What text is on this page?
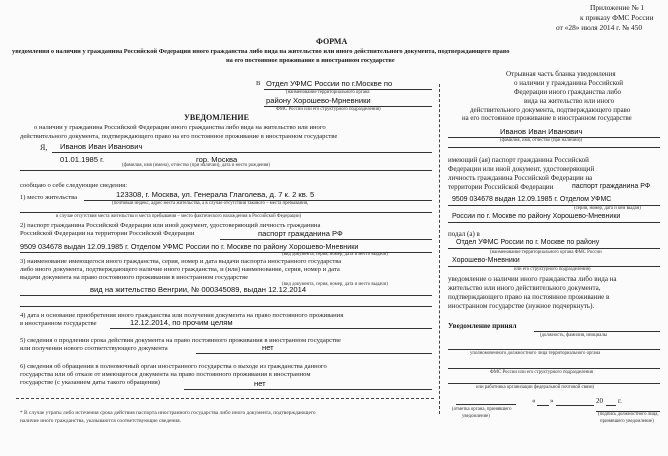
Приложение № 1
к приказу ФМС России
от «28» июля 2014 г. № 450
ФОРМА
уведомления о наличии у гражданина Российской Федерации иного гражданства либо вида на жительство или иного действительного документа, подтверждающего право
на его постоянное проживание в иностранном государстве
В Отдел УФМС России по г.Москве по
(наименование территориального органа
району Хорошево-Мрневники
ФМС России или его структурного подразделения)
УВЕДОМЛЕНИЕ
о наличии у гражданина Российской Федерации иного гражданства либо вида на жительство или иного
действительного документа, подтверждающего право на его постоянное проживание в иностранном государстве
Я, Иванов Иван Иванович
01.01.1985 г.	гор. Москва
(фамилия, имя (имена), отчество (при наличии), дата и место рождения)
сообщаю о себе следующие сведения:
1) место жительства	123308, г. Москва, ул. Генерала Глаголева, д. 7 к. 2 кв. 5
(почтовый индекс, адрес места жительства, а в случае отсутствия такового – места пребывания,
в случае отсутствия места жительства и места пребывания – место фактического нахождения в Российской Федерации)
2) паспорт гражданина Российской Федерации или иной документ, удостоверяющий личность гражданина
Российской Федерации на территории Российской Федерации	паспорт гражданина РФ
9509 034678 выдан 12.09.1985 г. Отделом УФМС России по г. Москве по району Хорошево-Мневники
(вид документа, серия, номер, дата и место выдачи)
3) наименование имеющегося иного гражданства, серия, номер и дата выдачи паспорта иностранного государства
либо иного документа, подтверждающего наличие иного гражданства, и (или) наименование, серия, номер и дата
выдачи документа на право постоянного проживания в иностранном государстве
(вид документа, серия, номер, дата и место выдачи)
вид на жительство Венгрии, № 000345089, выдан 12.12.2014
4) дата и основание приобретения иного гражданства или получения документа на право постоянного проживания
в иностранном государстве	12.12.2014, по прочим целям
5) сведения о продлении срока действия документа на право постоянного проживания в иностранном государстве
или получении нового соответствующего документа	нет
6) сведения об обращении в полномочный орган иностранного государства о выходе из гражданства данного
государства или об отказе от имеющегося документа на право постоянного проживания в иностранном
государстве (с указанием даты такого обращения)	нет
* В случае утраты либо истечения срока действия паспорта иностранного государства либо иного документа, подтверждающего
наличие иного гражданства, указываются соответствующие сведения.
Отрывная часть бланка уведомления
о наличии у гражданина Российской
Федерации иного гражданства либо
вида на жительство или иного
действительного документа, подтверждающего право
на его постоянное проживание в иностранном государстве
Иванов Иван Иванович
(фамилия, имя, отчество (при наличии))
имеющий (ая) паспорт гражданина Российской
Федерации или иной документ, удостоверяющий
личность гражданина Российской Федерации на
территории Российской Федерации	паспорт гражданина РФ
9509 034678 выдан 12.09.1985 г. Отделом УФМС
(серия, номер, дата и кем выдан)
России по г. Москве по району Хорошево-Мневники
подал (а) в
Отдел УФМС России по г. Москве по району
(наименование территориального органа ФМС России
Хорошево-Мневники
или его структурного подразделения)
уведомление о наличии иного гражданства либо вида на
жительство или иного действительного документа,
подтверждающего право на постоянное проживание в
иностранном государстве (нужное подчеркнуть).
Уведомление принял
(должность, фамилия, инициалы
уполномоченного должностного лица территориального органа
ФМС России или его структурного подразделения
или работника организации федеральной почтовой связи)
« »	20 г.
(отметка органа, принявшего
уведомление)	(подпись должностного лица,
принявшего уведомление)
